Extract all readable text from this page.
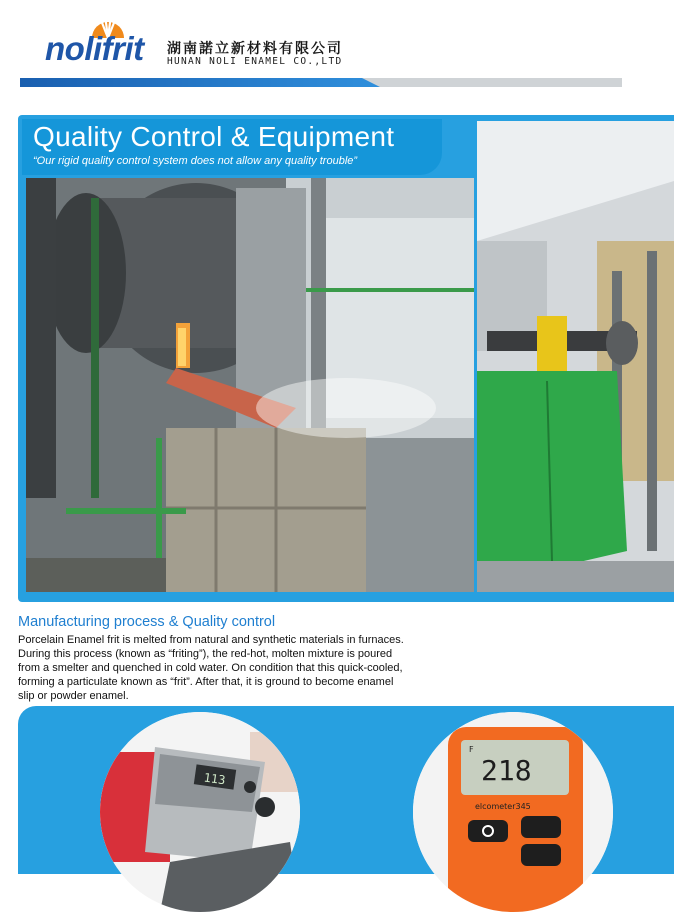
nolifrit 湖南諾立新材料有限公司
HUNAN NOLI ENAMEL CO.,LTD
Quality Control & Equipment
“Our rigid quality control system does not allow any quality trouble”
Manufacturing process & Quality control
Porcelain Enamel frit is melted from natural and synthetic materials in furnaces.
During this process (known as “friting”), the red-hot, molten mixture is poured
from a smelter and quenched in cold water. On condition that this quick-cooled,
forming a particulate known as “frit”. After that, it is ground to become enamel
slip or powder enamel.
113
F
218
elcometer345
